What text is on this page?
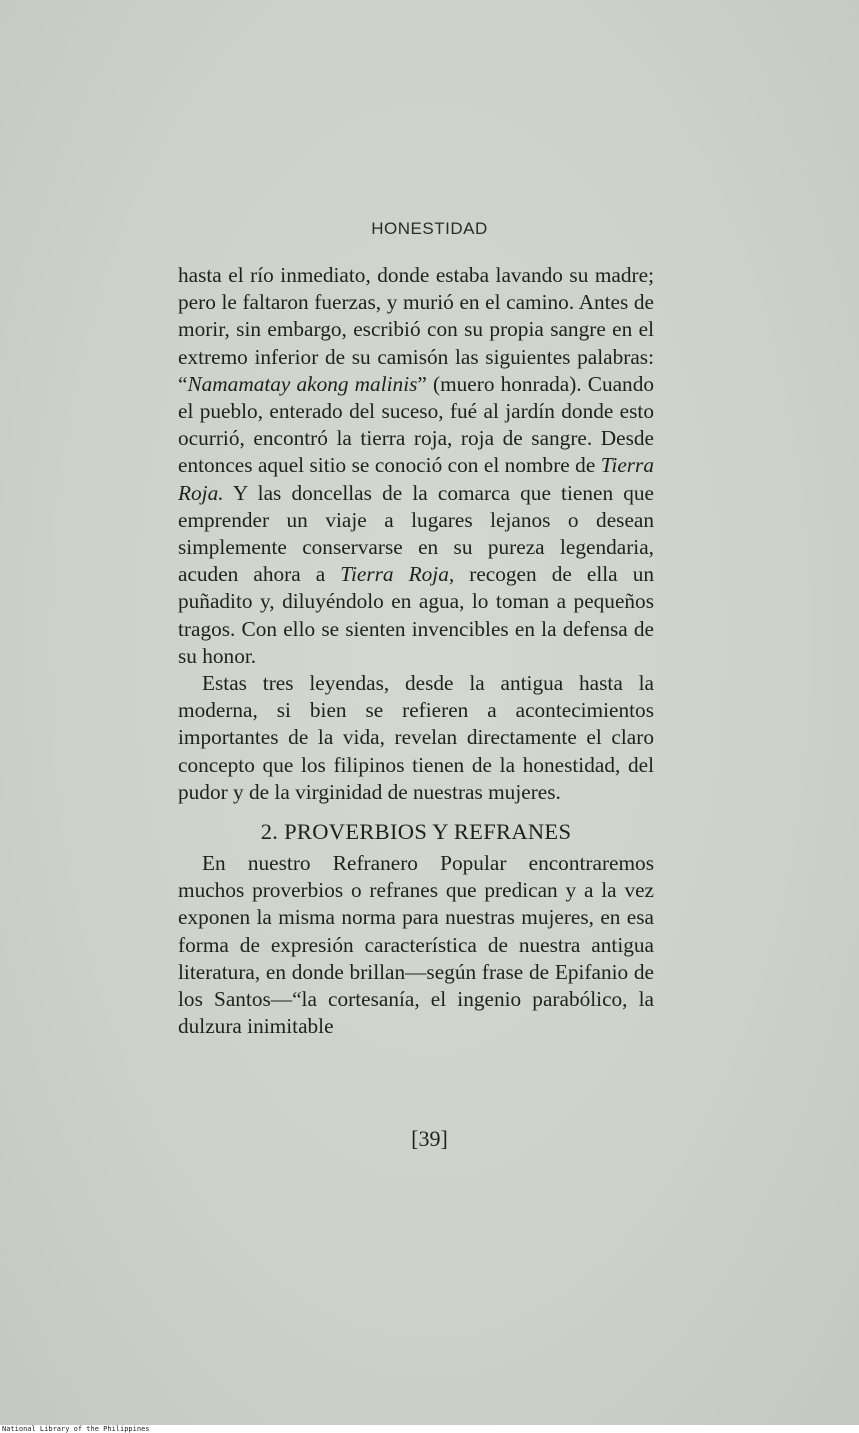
HONESTIDAD

hasta el río inmediato, donde estaba lavando su madre; pero le faltaron fuerzas, y murió en el camino. Antes de morir, sin embargo, escribió con su propia sangre en el extremo inferior de su camisón las siguientes palabras: “Namamatay akong malinis” (muero honrada). Cuando el pueblo, enterado del suceso, fué al jardín donde esto ocurrió, encontró la tierra roja, roja de sangre. Desde entonces aquel sitio se conoció con el nombre de Tierra Roja. Y las doncellas de la comarca que tienen que emprender un viaje a lugares lejanos o desean simplemente conservarse en su pureza legendaria, acuden ahora a Tierra Roja, recogen de ella un puñadito y, diluyéndolo en agua, lo toman a pequeños tragos. Con ello se sienten invencibles en la defensa de su honor.

Estas tres leyendas, desde la antigua hasta la moderna, si bien se refieren a acontecimientos importantes de la vida, revelan directamente el claro concepto que los filipinos tienen de la honestidad, del pudor y de la virginidad de nuestras mujeres.

2. PROVERBIOS Y REFRANES

En nuestro Refranero Popular encontraremos muchos proverbios o refranes que predican y a la vez exponen la misma norma para nuestras mujeres, en esa forma de expresión característica de nuestra antigua literatura, en donde brillan—según frase de Epifanio de los Santos—“la cortesanía, el ingenio parabólico, la dulzura inimitable

[39]
National Library of the Philippines
